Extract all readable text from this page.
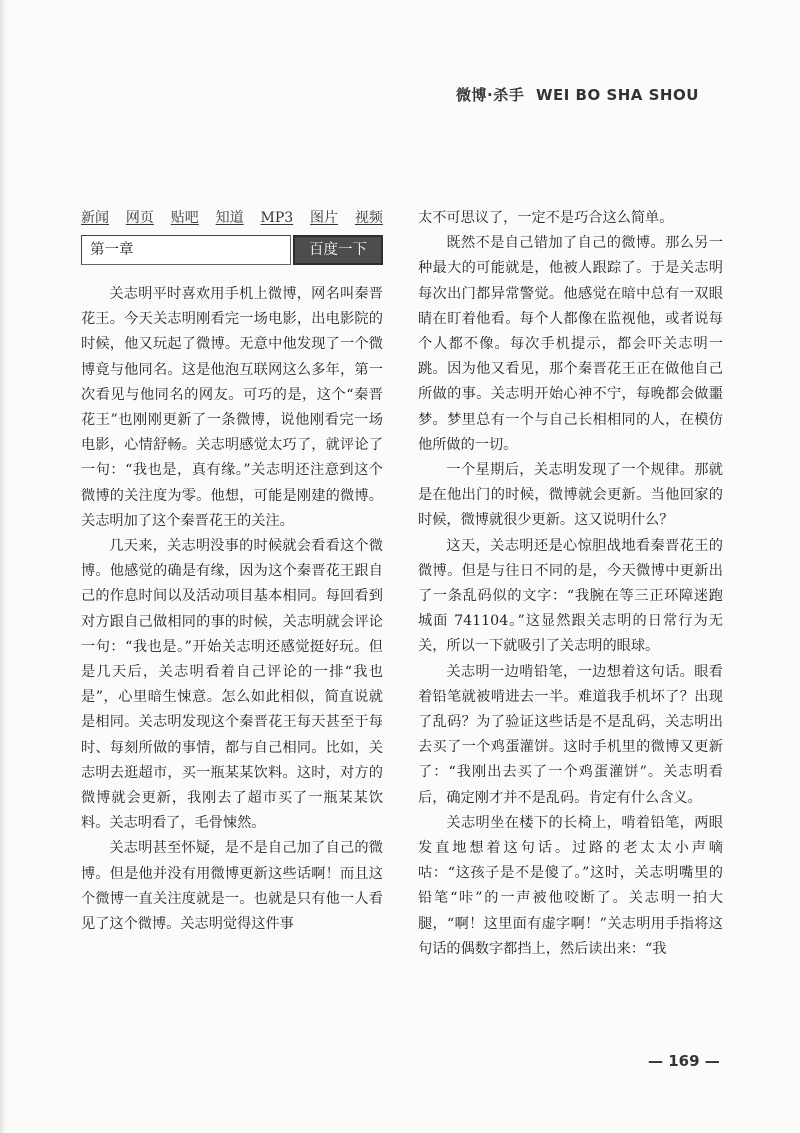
微博·杀手 WEI BO SHA SHOU
新闻 网页 贴吧 知道 MP3 图片 视频
第一章	百度一下

关志明平时喜欢用手机上微博，网名叫秦晋花王。今天关志明刚看完一场电影，出电影院的时候，他又玩起了微博。无意中他发现了一个微博竟与他同名。这是他泡互联网这么多年，第一次看见与他同名的网友。可巧的是，这个“秦晋花王”也刚刚更新了一条微博，说他刚看完一场电影，心情舒畅。关志明感觉太巧了，就评论了一句：“我也是，真有缘。”关志明还注意到这个微博的关注度为零。他想，可能是刚建的微博。关志明加了这个秦晋花王的关注。

几天来，关志明没事的时候就会看看这个微博。他感觉的确是有缘，因为这个秦晋花王跟自己的作息时间以及活动项目基本相同。每回看到对方跟自己做相同的事的时候，关志明就会评论一句：“我也是。”开始关志明还感觉挺好玩。但是几天后，关志明看着自己评论的一排“我也是”，心里暗生悚意。怎么如此相似，简直说就是相同。关志明发现这个秦晋花王每天甚至于每时、每刻所做的事情，都与自己相同。比如，关志明去逛超市，买一瓶某某饮料。这时，对方的微博就会更新，我刚去了超市买了一瓶某某饮料。关志明看了，毛骨悚然。

关志明甚至怀疑，是不是自己加了自己的微博。但是他并没有用微博更新这些话啊！而且这个微博一直关注度就是一。也就是只有他一人看见了这个微博。关志明觉得这件事

太不可思议了，一定不是巧合这么简单。

既然不是自己错加了自己的微博。那么另一种最大的可能就是，他被人跟踪了。于是关志明每次出门都异常警觉。他感觉在暗中总有一双眼睛在盯着他看。每个人都像在监视他，或者说每个人都不像。每次手机提示，都会吓关志明一跳。因为他又看见，那个秦晋花王正在做他自己所做的事。关志明开始心神不宁，每晚都会做噩梦。梦里总有一个与自己长相相同的人，在模仿他所做的一切。

一个星期后，关志明发现了一个规律。那就是在他出门的时候，微博就会更新。当他回家的时候，微博就很少更新。这又说明什么？

这天，关志明还是心惊胆战地看秦晋花王的微博。但是与往日不同的是，今天微博中更新出了一条乱码似的文字：“我腕在等三正环障迷跑城面 741104。”这显然跟关志明的日常行为无关，所以一下就吸引了关志明的眼球。

关志明一边啃铅笔，一边想着这句话。眼看着铅笔就被啃进去一半。难道我手机坏了？出现了乱码？为了验证这些话是不是乱码，关志明出去买了一个鸡蛋灌饼。这时手机里的微博又更新了：“我刚出去买了一个鸡蛋灌饼”。关志明看后，确定刚才并不是乱码。肯定有什么含义。

关志明坐在楼下的长椅上，啃着铅笔，两眼发直地想着这句话。过路的老太太小声嘀咕：“这孩子是不是傻了。”这时，关志明嘴里的铅笔“咔”的一声被他咬断了。关志明一拍大腿，“啊！这里面有虚字啊！”关志明用手指将这句话的偶数字都挡上，然后读出来：“我

— 169 —
